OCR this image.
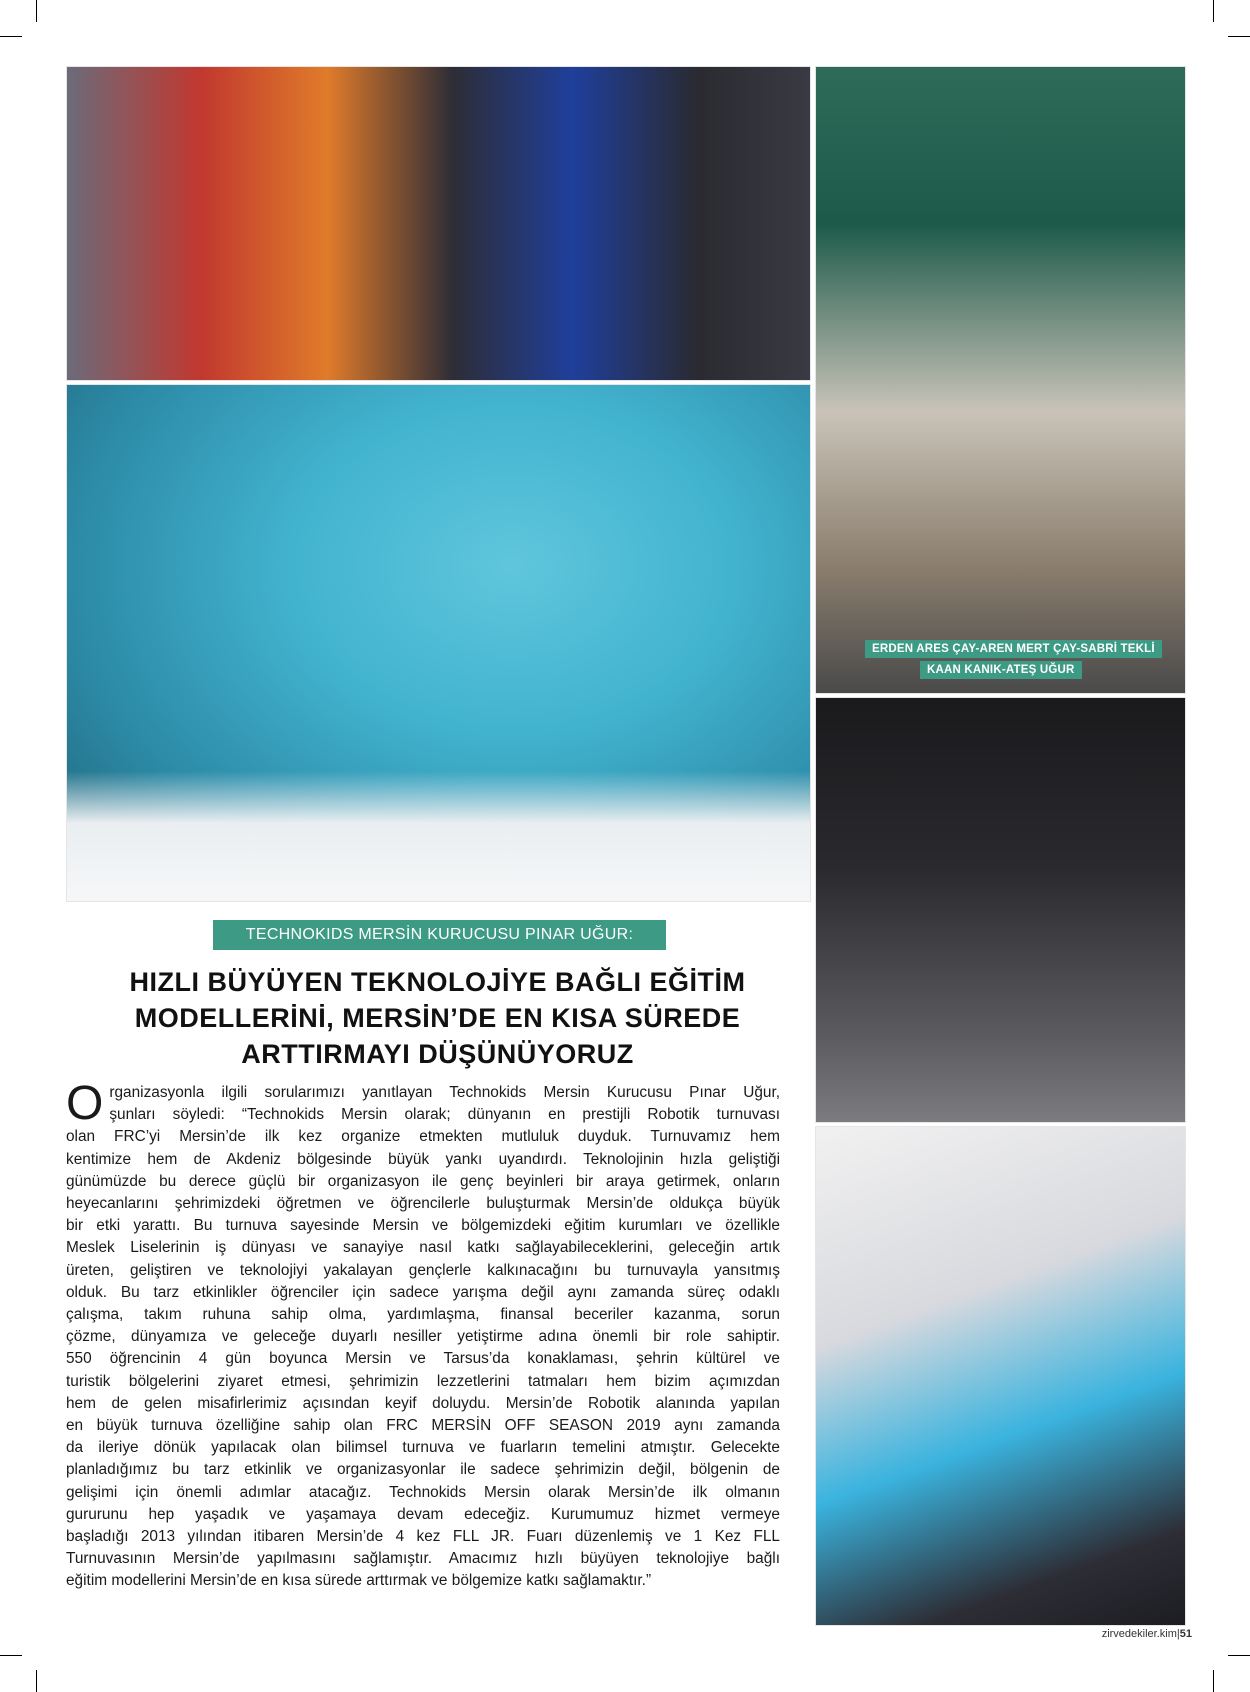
ERDEN ARES ÇAY-AREN MERT ÇAY-SABRİ TEKLİ
KAAN KANIK-ATEŞ UĞUR
TECHNOKIDS MERSİN KURUCUSU PINAR UĞUR:
HIZLI BÜYÜYEN TEKNOLOJİYE BAĞLI EĞİTİM
MODELLERİNİ, MERSİN’DE EN KISA SÜREDE
ARTTIRMAYI DÜŞÜNÜYORUZ
O rganizasyonla ilgili sorularımızı yanıtlayan Technokids Mersin Kurucusu Pınar Uğur,
şunları söyledi: “Technokids Mersin olarak; dünyanın en prestijli Robotik turnuvası
olan FRC’yi Mersin’de ilk kez organize etmekten mutluluk duyduk. Turnuvamız hem
kentimize hem de Akdeniz bölgesinde büyük yankı uyandırdı. Teknolojinin hızla geliştiği
günümüzde bu derece güçlü bir organizasyon ile genç beyinleri bir araya getirmek, onların
heyecanlarını şehrimizdeki öğretmen ve öğrencilerle buluşturmak Mersin’de oldukça büyük
bir etki yarattı. Bu turnuva sayesinde Mersin ve bölgemizdeki eğitim kurumları ve özellikle
Meslek Liselerinin iş dünyası ve sanayiye nasıl katkı sağlayabileceklerini, geleceğin artık
üreten, geliştiren ve teknolojiyi yakalayan gençlerle kalkınacağını bu turnuvayla yansıtmış
olduk. Bu tarz etkinlikler öğrenciler için sadece yarışma değil aynı zamanda süreç odaklı
çalışma, takım ruhuna sahip olma, yardımlaşma, finansal beceriler kazanma, sorun
çözme, dünyamıza ve geleceğe duyarlı nesiller yetiştirme adına önemli bir role sahiptir.
550 öğrencinin 4 gün boyunca Mersin ve Tarsus’da konaklaması, şehrin kültürel ve
turistik bölgelerini ziyaret etmesi, şehrimizin lezzetlerini tatmaları hem bizim açımızdan
hem de gelen misafirlerimiz açısından keyif doluydu. Mersin’de Robotik alanında yapılan
en büyük turnuva özelliğine sahip olan FRC MERSİN OFF SEASON 2019 aynı zamanda
da ileriye dönük yapılacak olan bilimsel turnuva ve fuarların temelini atmıştır. Gelecekte
planladığımız bu tarz etkinlik ve organizasyonlar ile sadece şehrimizin değil, bölgenin de
gelişimi için önemli adımlar atacağız. Technokids Mersin olarak Mersin’de ilk olmanın
gururunu hep yaşadık ve yaşamaya devam edeceğiz. Kurumumuz hizmet vermeye
başladığı 2013 yılından itibaren Mersin’de 4 kez FLL JR. Fuarı düzenlemiş ve 1 Kez FLL
Turnuvasının Mersin’de yapılmasını sağlamıştır. Amacımız hızlı büyüyen teknolojiye bağlı
eğitim modellerini Mersin’de en kısa sürede arttırmak ve bölgemize katkı sağlamaktır.”
zirvedekiler.kim|51
